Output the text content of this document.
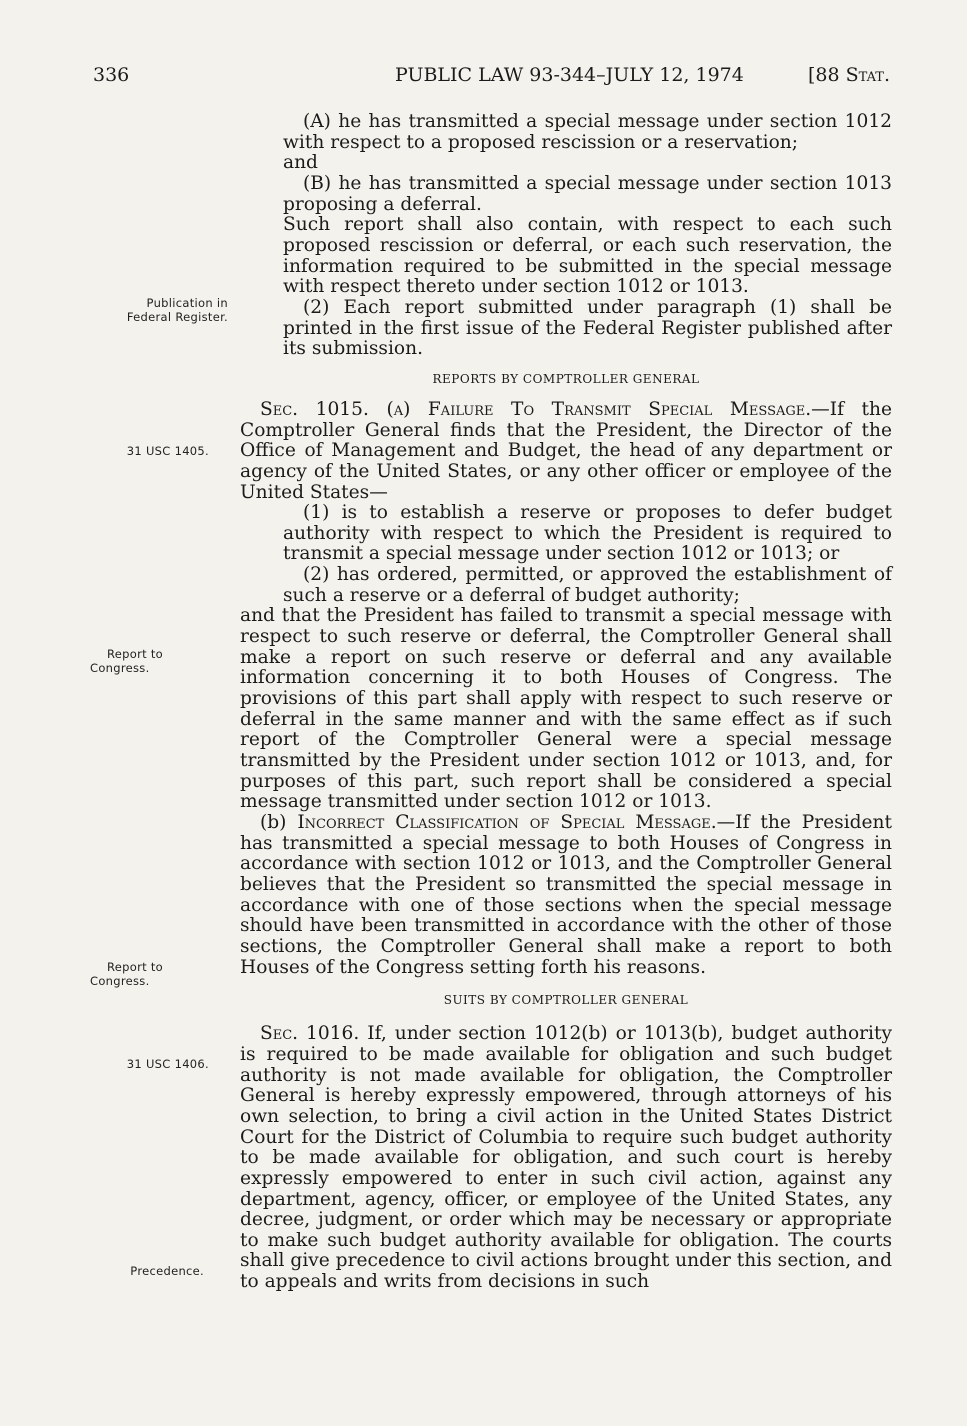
336	PUBLIC LAW 93-344–JULY 12, 1974	[88 Stat.
Publication in
Federal Register.
31 USC 1405.
Report to
Congress.
Report to
Congress.
31 USC 1406.
Precedence.

(A) he has transmitted a special message under section 1012 with respect to a proposed rescission or a reservation;

and

(B) he has transmitted a special message under section 1013 proposing a deferral.

Such report shall also contain, with respect to each such proposed rescission or deferral, or each such reservation, the information required to be submitted in the special message with respect thereto under section 1012 or 1013.

(2) Each report submitted under paragraph (1) shall be printed in the first issue of the Federal Register published after its submission.

REPORTS BY COMPTROLLER GENERAL

Sec. 1015. (a) Failure To Transmit Special Message.—If the Comptroller General finds that the President, the Director of the Office of Management and Budget, the head of any department or agency of the United States, or any other officer or employee of the United States—

(1) is to establish a reserve or proposes to defer budget authority with respect to which the President is required to transmit a special message under section 1012 or 1013; or

(2) has ordered, permitted, or approved the establishment of such a reserve or a deferral of budget authority;

and that the President has failed to transmit a special message with respect to such reserve or deferral, the Comptroller General shall make a report on such reserve or deferral and any available information concerning it to both Houses of Congress. The provisions of this part shall apply with respect to such reserve or deferral in the same manner and with the same effect as if such report of the Comptroller General were a special message transmitted by the President under section 1012 or 1013, and, for purposes of this part, such report shall be considered a special message transmitted under section 1012 or 1013.

(b) Incorrect Classification of Special Message.—If the President has transmitted a special message to both Houses of Congress in accordance with section 1012 or 1013, and the Comptroller General believes that the President so transmitted the special message in accordance with one of those sections when the special message should have been transmitted in accordance with the other of those sections, the Comptroller General shall make a report to both Houses of the Congress setting forth his reasons.

SUITS BY COMPTROLLER GENERAL

Sec. 1016. If, under section 1012(b) or 1013(b), budget authority is required to be made available for obligation and such budget authority is not made available for obligation, the Comptroller General is hereby expressly empowered, through attorneys of his own selection, to bring a civil action in the United States District Court for the District of Columbia to require such budget authority to be made available for obligation, and such court is hereby expressly empowered to enter in such civil action, against any department, agency, officer, or employee of the United States, any decree, judgment, or order which may be necessary or appropriate to make such budget authority available for obligation. The courts shall give precedence to civil actions brought under this section, and to appeals and writs from decisions in such
